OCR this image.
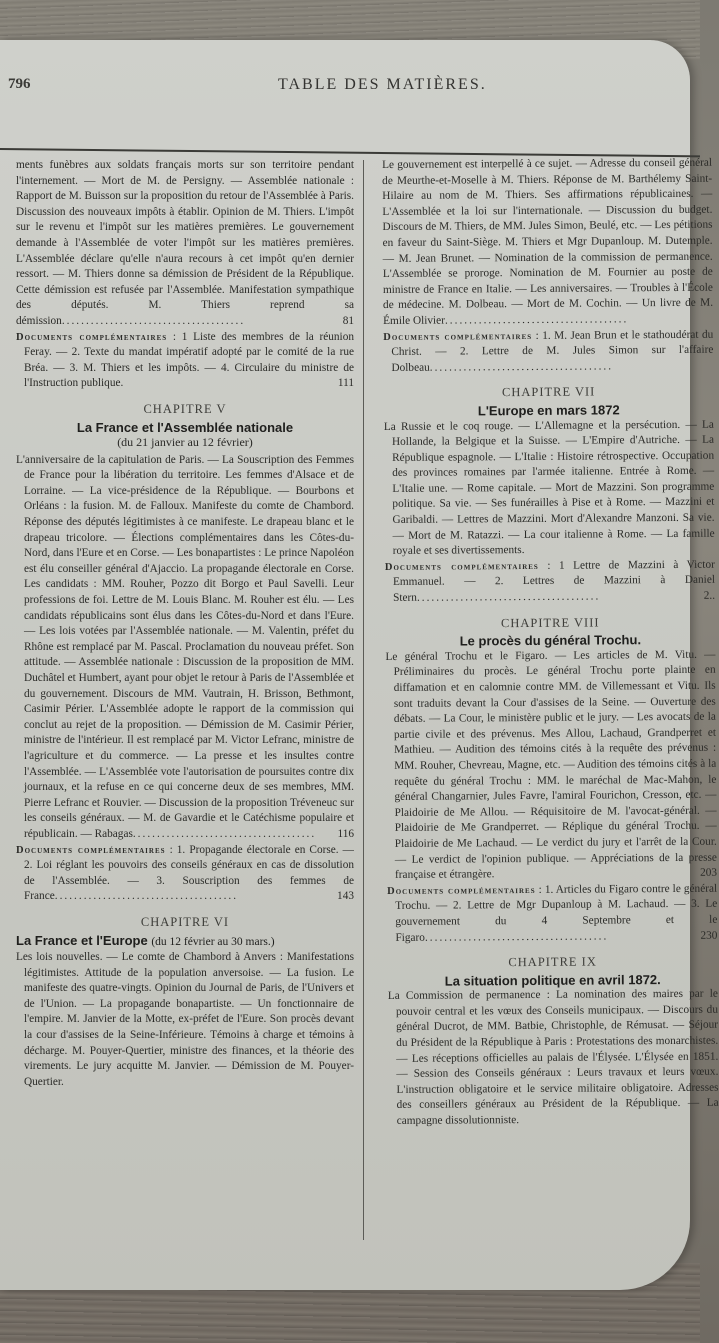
796	TABLE DES MATIÈRES.

ments funèbres aux soldats français morts sur son territoire pendant l'internement. — Mort de M. de Persigny. — Assemblée nationale : Rapport de M. Buisson sur la proposition du retour de l'Assemblée à Paris. Discussion des nouveaux impôts à établir. Opinion de M. Thiers. L'impôt sur le revenu et l'impôt sur les matières premières. Le gouvernement demande à l'Assemblée de voter l'impôt sur les matières premières. L'Assemblée déclare qu'elle n'aura recours à cet impôt qu'en dernier ressort. — M. Thiers donne sa démission de Président de la République. Cette démission est refusée par l'Assemblée. Manifestation sympathique des députés. M. Thiers reprend sa démission......................................	81

Documents complémentaires : 1 Liste des membres de la réunion Feray. — 2. Texte du mandat impératif adopté par le comité de la rue Bréa. — 3. M. Thiers et les impôts. — 4. Circulaire du ministre de l'Instruction publique.	111

CHAPITRE V
La France et l'Assemblée nationale
(du 21 janvier au 12 février)

L'anniversaire de la capitulation de Paris. — La Souscription des Femmes de France pour la libération du territoire. Les femmes d'Alsace et de Lorraine. — La vice-présidence de la République. — Bourbons et Orléans : la fusion. M. de Falloux. Manifeste du comte de Chambord. Réponse des députés légitimistes à ce manifeste. Le drapeau blanc et le drapeau tricolore. — Élections complémentaires dans les Côtes-du-Nord, dans l'Eure et en Corse. — Les bonapartistes : Le prince Napoléon est élu conseiller général d'Ajaccio. La propagande électorale en Corse. Les candidats : MM. Rouher, Pozzo dit Borgo et Paul Savelli. Leur professions de foi. Lettre de M. Louis Blanc. M. Rouher est élu. — Les candidats républicains sont élus dans les Côtes-du-Nord et dans l'Eure. — Les lois votées par l'Assemblée nationale. — M. Valentin, préfet du Rhône est remplacé par M. Pascal. Proclamation du nouveau préfet. Son attitude. — Assemblée nationale : Discussion de la proposition de MM. Duchâtel et Humbert, ayant pour objet le retour à Paris de l'Assemblée et du gouvernement. Discours de MM. Vautrain, H. Brisson, Bethmont, Casimir Périer. L'Assemblée adopte le rapport de la commission qui conclut au rejet de la proposition. — Démission de M. Casimir Périer, ministre de l'intérieur. Il est remplacé par M. Victor Lefranc, ministre de l'agriculture et du commerce. — La presse et les insultes contre l'Assemblée. — L'Assemblée vote l'autorisation de poursuites contre dix journaux, et la refuse en ce qui concerne deux de ses membres, MM. Pierre Lefranc et Rouvier. — Discussion de la proposition Tréveneuc sur les conseils généraux. — M. de Gavardie et le Catéchisme populaire et républicain. — Rabagas...................................... 116

Documents complémentaires : 1. Propagande électorale en Corse. — 2. Loi réglant les pouvoirs des conseils généraux en cas de dissolution de l'Assemblée. — 3. Souscription des femmes de France......................................	143

CHAPITRE VI
La France et l'Europe (du 12 février au 30 mars.)

Les lois nouvelles. — Le comte de Chambord à Anvers : Manifestations légitimistes. Attitude de la population anversoise. — La fusion. Le manifeste des quatre-vingts. Opinion du Journal de Paris, de l'Univers et de l'Union. — La propagande bonapartiste. — Un fonctionnaire de l'empire. M. Janvier de la Motte, ex-préfet de l'Eure. Son procès devant la cour d'assises de la Seine-Inférieure. Témoins à charge et témoins à décharge. M. Pouyer-Quertier, ministre des finances, et la théorie des virements. Le jury acquitte M. Janvier. — Démission de M. Pouyer-Quertier.

Le gouvernement est interpellé à ce sujet. — Adresse du conseil général de Meurthe-et-Moselle à M. Thiers. Réponse de M. Barthélemy Saint-Hilaire au nom de M. Thiers. Ses affirmations républicaines. — L'Assemblée et la loi sur l'internationale. — Discussion du budget. Discours de M. Thiers, de MM. Jules Simon, Beulé, etc. — Les pétitions en faveur du Saint-Siège. M. Thiers et Mgr Dupanloup. M. Dutemple. — M. Jean Brunet. — Nomination de la commission de permanence. L'Assemblée se proroge. Nomination de M. Fournier au poste de ministre de France en Italie. — Les anniversaires. — Troubles à l'École de médecine. M. Dolbeau. — Mort de M. Cochin. — Un livre de M. Émile Olivier......................................

Documents complémentaires : 1. M. Jean Brun et le stathoudérat du Christ. — 2. Lettre de M. Jules Simon sur l'affaire Dolbeau......................................

CHAPITRE VII
L'Europe en mars 1872

La Russie et le coq rouge. — L'Allemagne et la persécution. — La Hollande, la Belgique et la Suisse. — L'Empire d'Autriche. — La République espagnole. — L'Italie : Histoire rétrospective. Occupation des provinces romaines par l'armée italienne. Entrée à Rome. — L'Italie une. — Rome capitale. — Mort de Mazzini. Son programme politique. Sa vie. — Ses funérailles à Pise et à Rome. — Mazzini et Garibaldi. — Lettres de Mazzini. Mort d'Alexandre Manzoni. Sa vie. — Mort de M. Ratazzi. — La cour italienne à Rome. — La famille royale et ses divertissements.

Documents complémentaires : 1 Lettre de Mazzini à Victor Emmanuel. — 2. Lettres de Mazzini à Daniel Stern......................................	2..

CHAPITRE VIII
Le procès du général Trochu.

Le général Trochu et le Figaro. — Les articles de M. Vitu. — Préliminaires du procès. Le général Trochu porte plainte en diffamation et en calomnie contre MM. de Villemessant et Vitu. Ils sont traduits devant la Cour d'assises de la Seine. — Ouverture des débats. — La Cour, le ministère public et le jury. — Les avocats de la partie civile et des prévenus. Mes Allou, Lachaud, Grandperret et Mathieu. — Audition des témoins cités à la requête des prévenus : MM. Rouher, Chevreau, Magne, etc. — Audition des témoins cités à la requête du général Trochu : MM. le maréchal de Mac-Mahon, le général Changarnier, Jules Favre, l'amiral Fourichon, Cresson, etc. — Plaidoirie de Me Allou. — Réquisitoire de M. l'avocat-général. — Plaidoirie de Me Grandperret. — Réplique du général Trochu. — Plaidoirie de Me Lachaud. — Le verdict du jury et l'arrêt de la Cour. — Le verdict de l'opinion publique. — Appréciations de la presse française et étrangère.	203

Documents complémentaires : 1. Articles du Figaro contre le général Trochu. — 2. Lettre de Mgr Dupanloup à M. Lachaud. — 3. Le gouvernement du 4 Septembre et le Figaro......................................	230

CHAPITRE IX
La situation politique en avril 1872.

La Commission de permanence : La nomination des maires par le pouvoir central et les vœux des Conseils municipaux. — Discours du général Ducrot, de MM. Batbie, Christophle, de Rémusat. — Séjour du Président de la République à Paris : Protestations des monarchistes. — Les réceptions officielles au palais de l'Élysée. L'Élysée en 1851. — Session des Conseils généraux : Leurs travaux et leurs vœux. L'instruction obligatoire et le service militaire obligatoire. Adresses des conseillers généraux au Président de la République. — La campagne dissolutionniste.
